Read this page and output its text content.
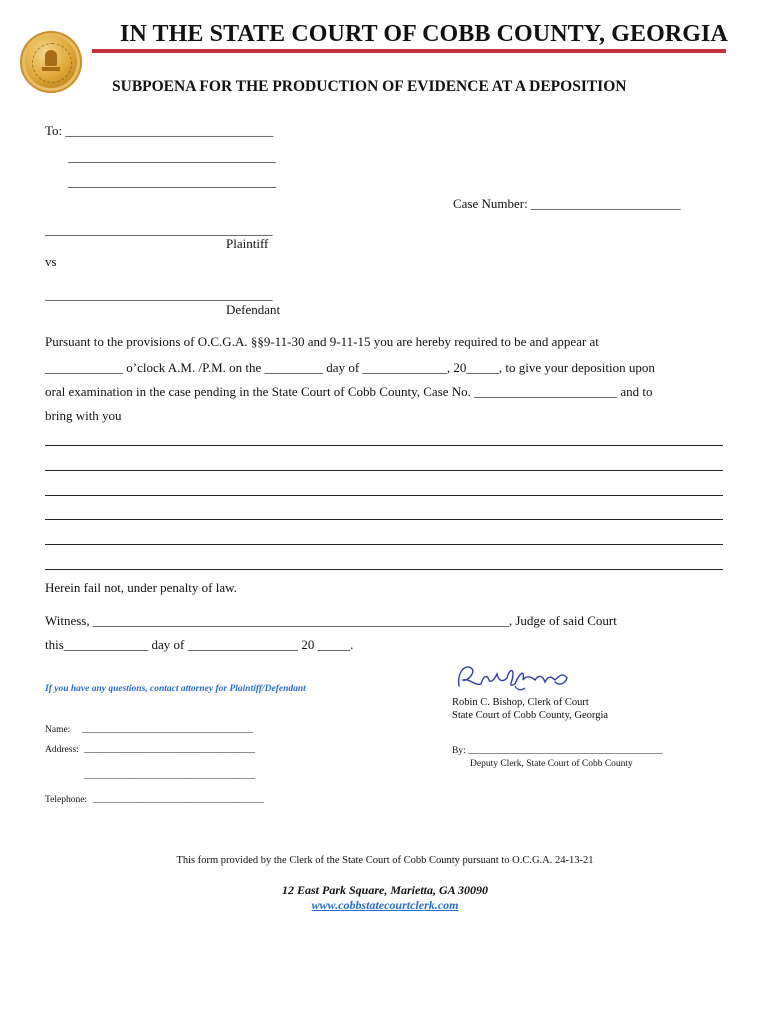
IN THE STATE COURT OF COBB COUNTY, GEORGIA
SUBPOENA FOR THE PRODUCTION OF EVIDENCE AT A DEPOSITION
To: ________________________________
________________________________
________________________________
Case Number: _______________________
___________________________________
Plaintiff
vs
___________________________________
Defendant
Pursuant to the provisions of O.C.G.A. §§9-11-30 and 9-11-15 you are hereby required to be and appear at
____________ o’clock A.M. /P.M. on the _________ day of _____________, 20_____, to give your deposition upon
oral examination in the case pending in the State Court of Cobb County, Case No. ______________________ and to
bring with you
Herein fail not, under penalty of law.
Witness, ________________________________________________________________, Judge of said Court
this_____________ day of _________________ 20 _____.
If you have any questions, contact attorney for Plaintiff/Defendant
Robin C. Bishop, Clerk of Court
State Court of Cobb County, Georgia
Name: ____________________________________
Address: ____________________________________
____________________________________
Telephone: ____________________________________
By: _________________________________________
Deputy Clerk, State Court of Cobb County
This form provided by the Clerk of the State Court of Cobb County pursuant to O.C.G.A. 24-13-21
12 East Park Square, Marietta, GA 30090
www.cobbstatecourtclerk.com
